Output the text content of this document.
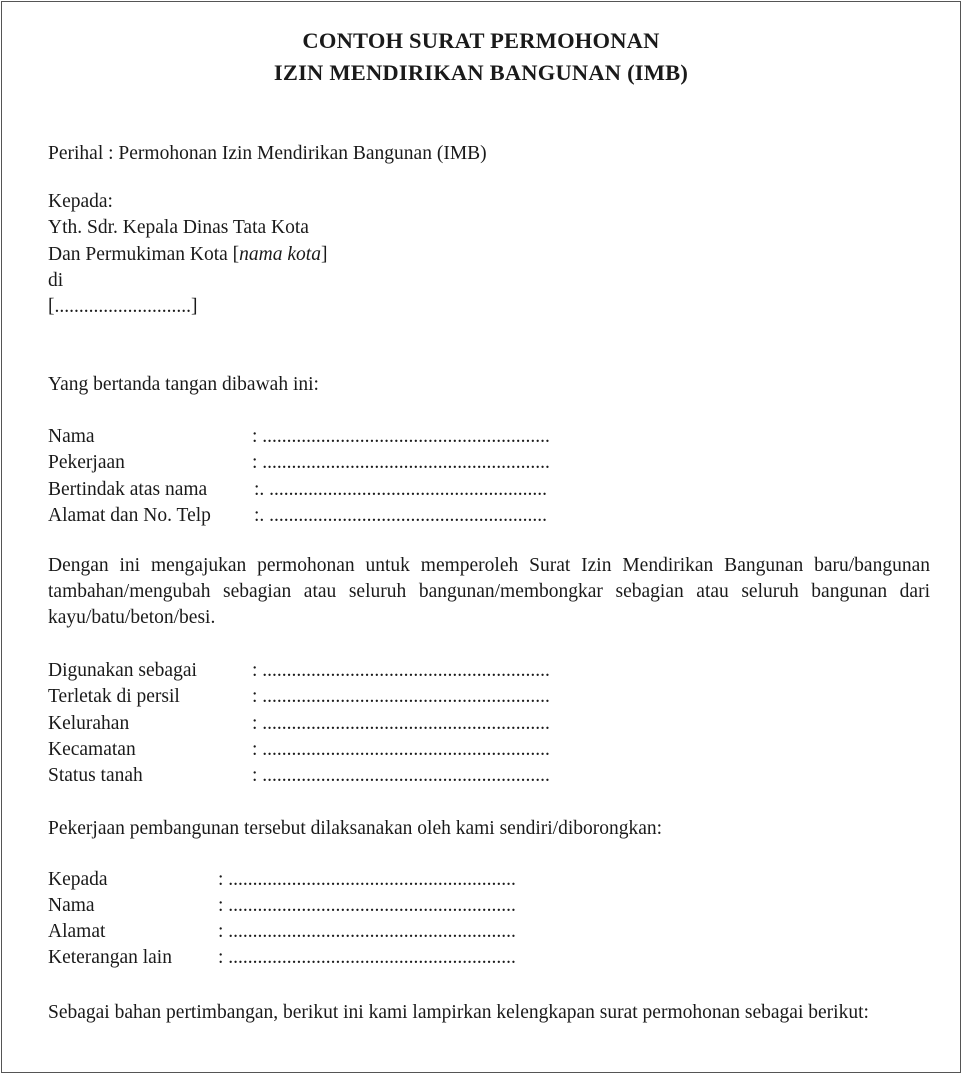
CONTOH SURAT PERMOHONAN
IZIN MENDIRIKAN BANGUNAN (IMB)
Perihal : Permohonan Izin Mendirikan Bangunan (IMB)
Kepada:
Yth. Sdr. Kepala Dinas Tata Kota
Dan Permukiman Kota [nama kota]
di
[............................]
Yang bertanda tangan dibawah ini:
Nama	: ...........................................................
Pekerjaan	: ...........................................................
Bertindak atas nama :. .........................................................
Alamat dan No. Telp :. .........................................................
Dengan ini mengajukan permohonan untuk memperoleh Surat Izin Mendirikan Bangunan baru/bangunan tambahan/mengubah sebagian atau seluruh bangunan/membongkar sebagian atau seluruh bangunan dari kayu/batu/beton/besi.
Digunakan sebagai	: ...........................................................
Terletak di persil	: ...........................................................
Kelurahan	: ...........................................................
Kecamatan	: ...........................................................
Status tanah	: ...........................................................
Pekerjaan pembangunan tersebut dilaksanakan oleh kami sendiri/diborongkan:
Kepada	: ...........................................................
Nama	: ...........................................................
Alamat	: ...........................................................
Keterangan lain : ...........................................................
Sebagai bahan pertimbangan, berikut ini kami lampirkan kelengkapan surat permohonan sebagai berikut:
